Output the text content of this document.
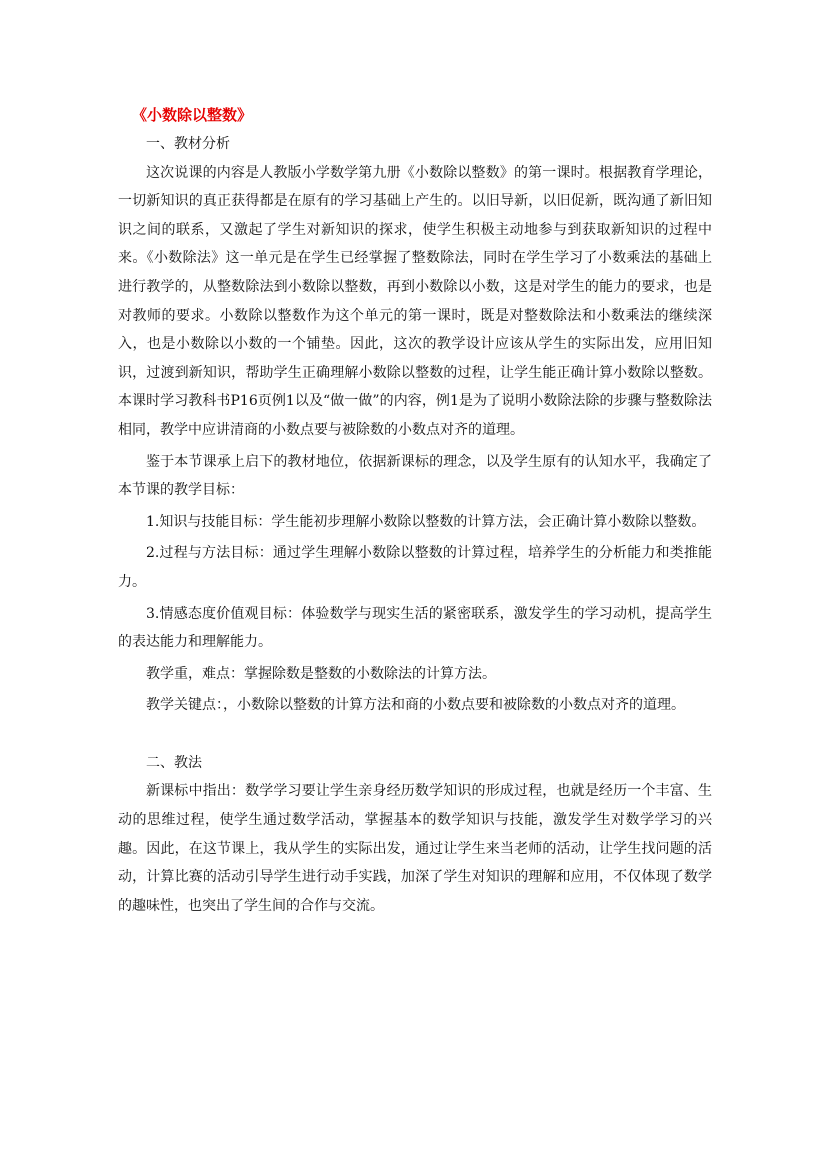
《小数除以整数》
一、教材分析

这次说课的内容是人教版小学数学第九册《小数除以整数》的第一课时。根据教育学理论，一切新知识的真正获得都是在原有的学习基础上产生的。以旧导新，以旧促新，既沟通了新旧知识之间的联系，又激起了学生对新知识的探求，使学生积极主动地参与到获取新知识的过程中来。《小数除法》这一单元是在学生已经掌握了整数除法，同时在学生学习了小数乘法的基础上进行教学的，从整数除法到小数除以整数，再到小数除以小数，这是对学生的能力的要求，也是对教师的要求。小数除以整数作为这个单元的第一课时，既是对整数除法和小数乘法的继续深入，也是小数除以小数的一个铺垫。因此，这次的教学设计应该从学生的实际出发，应用旧知识，过渡到新知识，帮助学生正确理解小数除以整数的过程，让学生能正确计算小数除以整数。本课时学习教科书P16页例1以及“做一做”的内容，例1是为了说明小数除法除的步骤与整数除法相同，教学中应讲清商的小数点要与被除数的小数点对齐的道理。

鉴于本节课承上启下的教材地位，依据新课标的理念，以及学生原有的认知水平，我确定了本节课的教学目标：

1.知识与技能目标：学生能初步理解小数除以整数的计算方法，会正确计算小数除以整数。

2.过程与方法目标：通过学生理解小数除以整数的计算过程，培养学生的分析能力和类推能力。

3.情感态度价值观目标：体验数学与现实生活的紧密联系，激发学生的学习动机，提高学生的表达能力和理解能力。

教学重，难点：掌握除数是整数的小数除法的计算方法。

教学关键点：，小数除以整数的计算方法和商的小数点要和被除数的小数点对齐的道理。

二、教法

新课标中指出：数学学习要让学生亲身经历数学知识的形成过程，也就是经历一个丰富、生动的思维过程，使学生通过数学活动，掌握基本的数学知识与技能，激发学生对数学学习的兴趣。因此，在这节课上，我从学生的实际出发，通过让学生来当老师的活动，让学生找问题的活动，计算比赛的活动引导学生进行动手实践，加深了学生对知识的理解和应用，不仅体现了数学的趣味性，也突出了学生间的合作与交流。
